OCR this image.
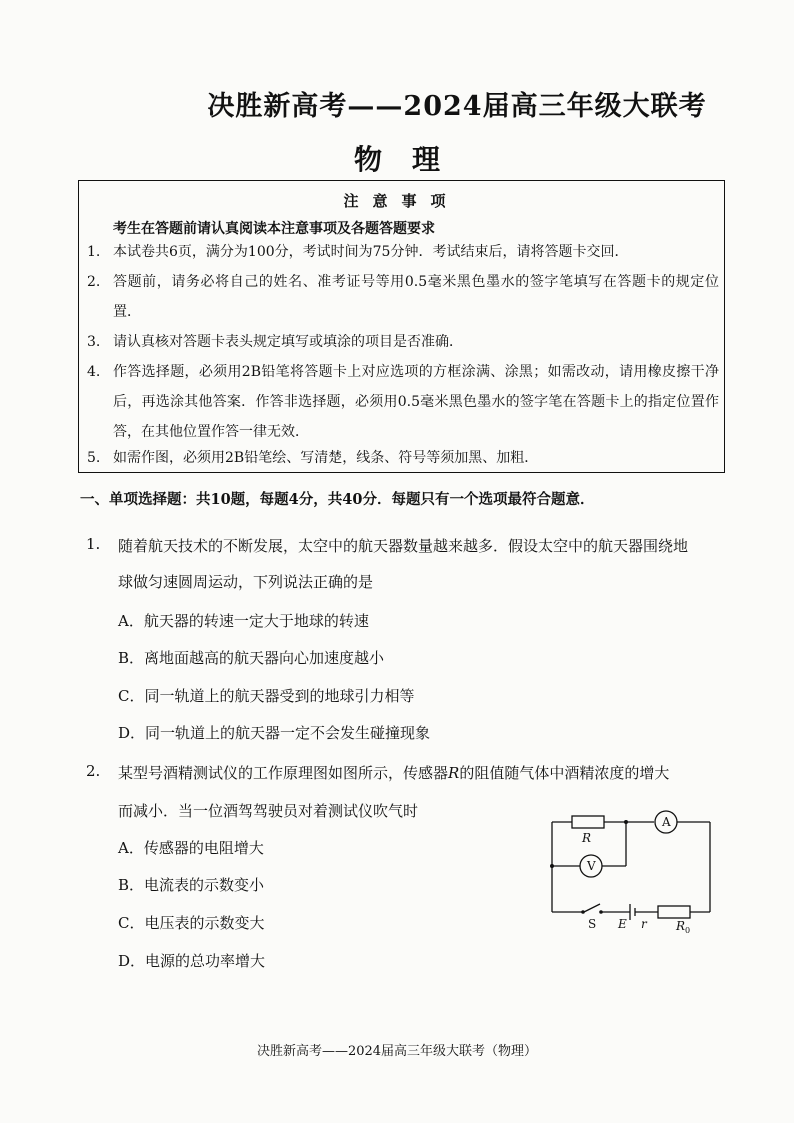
决胜新高考——2024届高三年级大联考
物理
注意事项
考生在答题前请认真阅读本注意事项及各题答题要求
1. 本试卷共6页，满分为100分，考试时间为75分钟．考试结束后，请将答题卡交回．
2. 答题前，请务必将自己的姓名、准考证号等用0.5毫米黑色墨水的签字笔填写在答题卡的规定位置．
3. 请认真核对答题卡表头规定填写或填涂的项目是否准确．
4. 作答选择题，必须用2B铅笔将答题卡上对应选项的方框涂满、涂黑；如需改动，请用橡皮擦干净后，再选涂其他答案．作答非选择题，必须用0.5毫米黑色墨水的签字笔在答题卡上的指定位置作答，在其他位置作答一律无效．
5. 如需作图，必须用2B铅笔绘、写清楚，线条、符号等须加黑、加粗．
一、单项选择题：共10题，每题4分，共40分．每题只有一个选项最符合题意．
1. 随着航天技术的不断发展，太空中的航天器数量越来越多．假设太空中的航天器围绕地
球做匀速圆周运动，下列说法正确的是
A．航天器的转速一定大于地球的转速
B．离地面越高的航天器向心加速度越小
C．同一轨道上的航天器受到的地球引力相等
D．同一轨道上的航天器一定不会发生碰撞现象
2. 某型号酒精测试仪的工作原理图如图所示，传感器R的阻值随气体中酒精浓度的增大
而减小．当一位酒驾驾驶员对着测试仪吹气时
A．传感器的电阻增大
B．电流表的示数变小
C．电压表的示数变大
D．电源的总功率增大
R
A
V
S E r $R_0$
决胜新高考——2024届高三年级大联考（物理）
